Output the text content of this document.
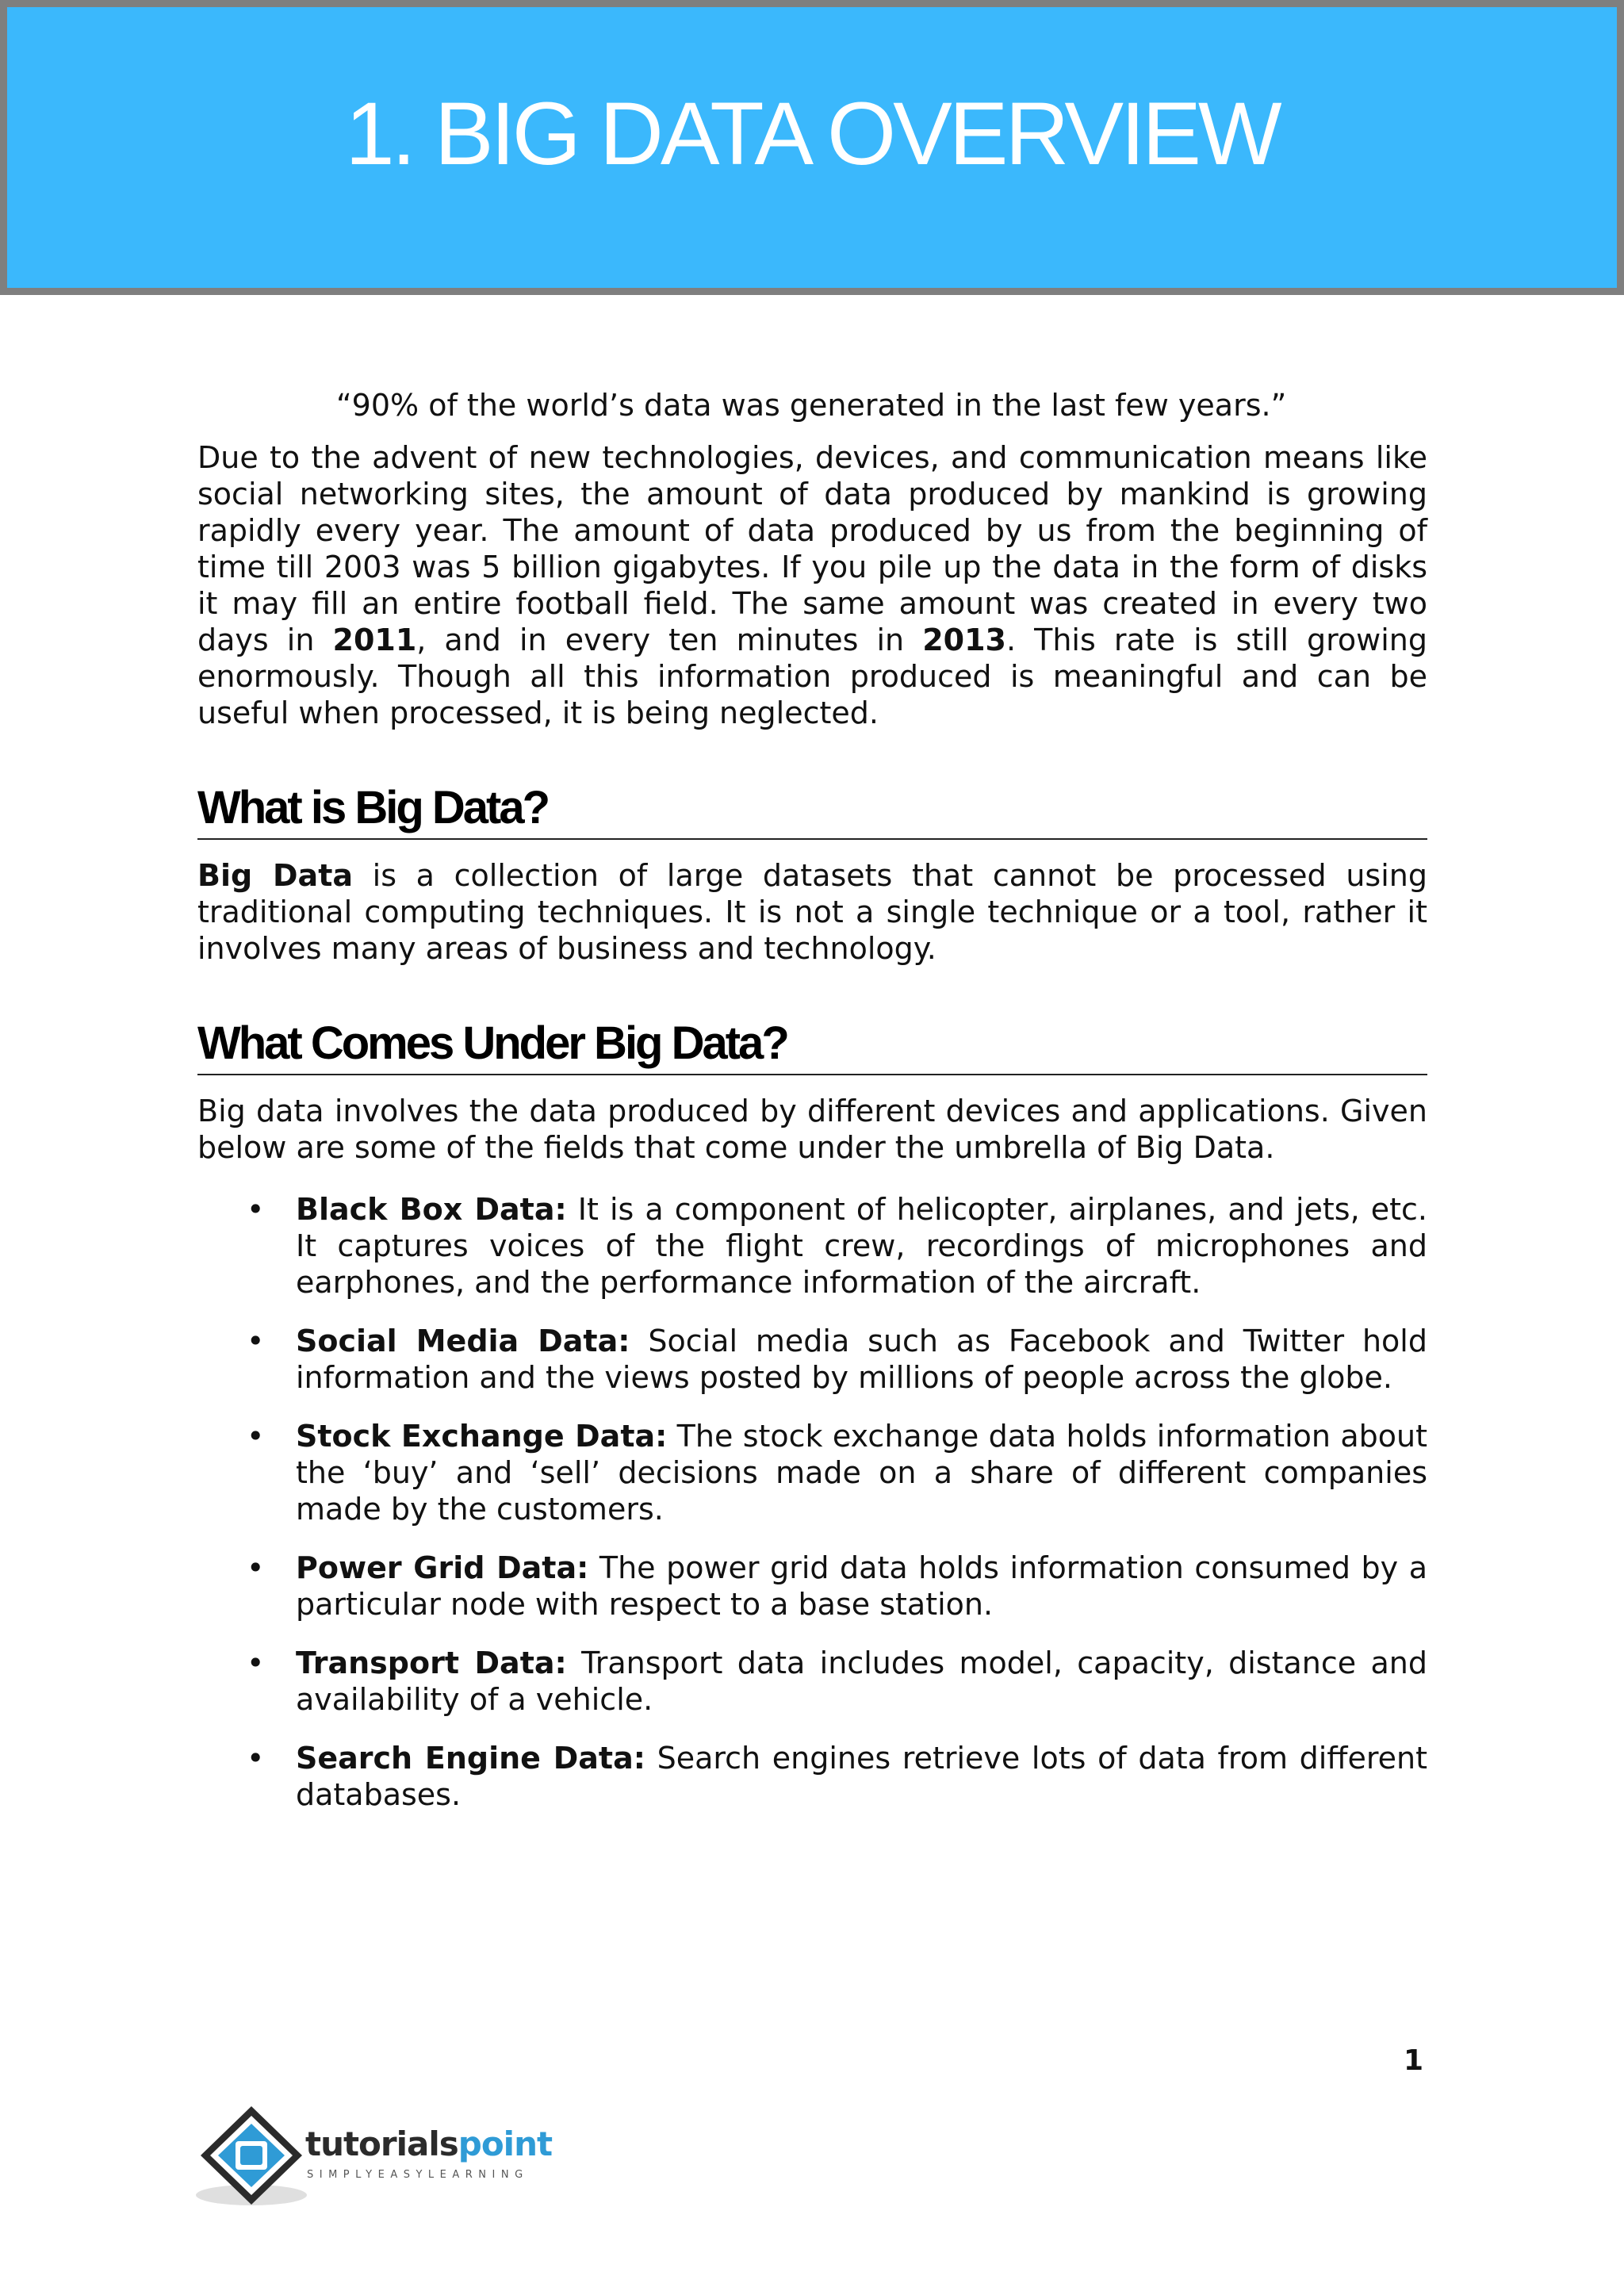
1. BIG DATA OVERVIEW
“90% of the world’s data was generated in the last few years.”

Due to the advent of new technologies, devices, and communication means like social networking sites, the amount of data produced by mankind is growing rapidly every year. The amount of data produced by us from the beginning of time till 2003 was 5 billion gigabytes. If you pile up the data in the form of disks it may fill an entire football field. The same amount was created in every two days in 2011, and in every ten minutes in 2013. This rate is still growing enormously. Though all this information produced is meaningful and can be useful when processed, it is being neglected.

What is Big Data?

Big Data is a collection of large datasets that cannot be processed using traditional computing techniques. It is not a single technique or a tool, rather it involves many areas of business and technology.

What Comes Under Big Data?

Big data involves the data produced by different devices and applications. Given below are some of the fields that come under the umbrella of Big Data.

• Black Box Data: It is a component of helicopter, airplanes, and jets, etc. It captures voices of the flight crew, recordings of microphones and earphones, and the performance information of the aircraft.
• Social Media Data: Social media such as Facebook and Twitter hold information and the views posted by millions of people across the globe.
• Stock Exchange Data: The stock exchange data holds information about the ‘buy’ and ‘sell’ decisions made on a share of different companies made by the customers.
• Power Grid Data: The power grid data holds information consumed by a particular node with respect to a base station.
• Transport Data: Transport data includes model, capacity, distance and availability of a vehicle.
• Search Engine Data: Search engines retrieve lots of data from different databases.
1
tutorialspoint
SIMPLYEASYLEARNING
